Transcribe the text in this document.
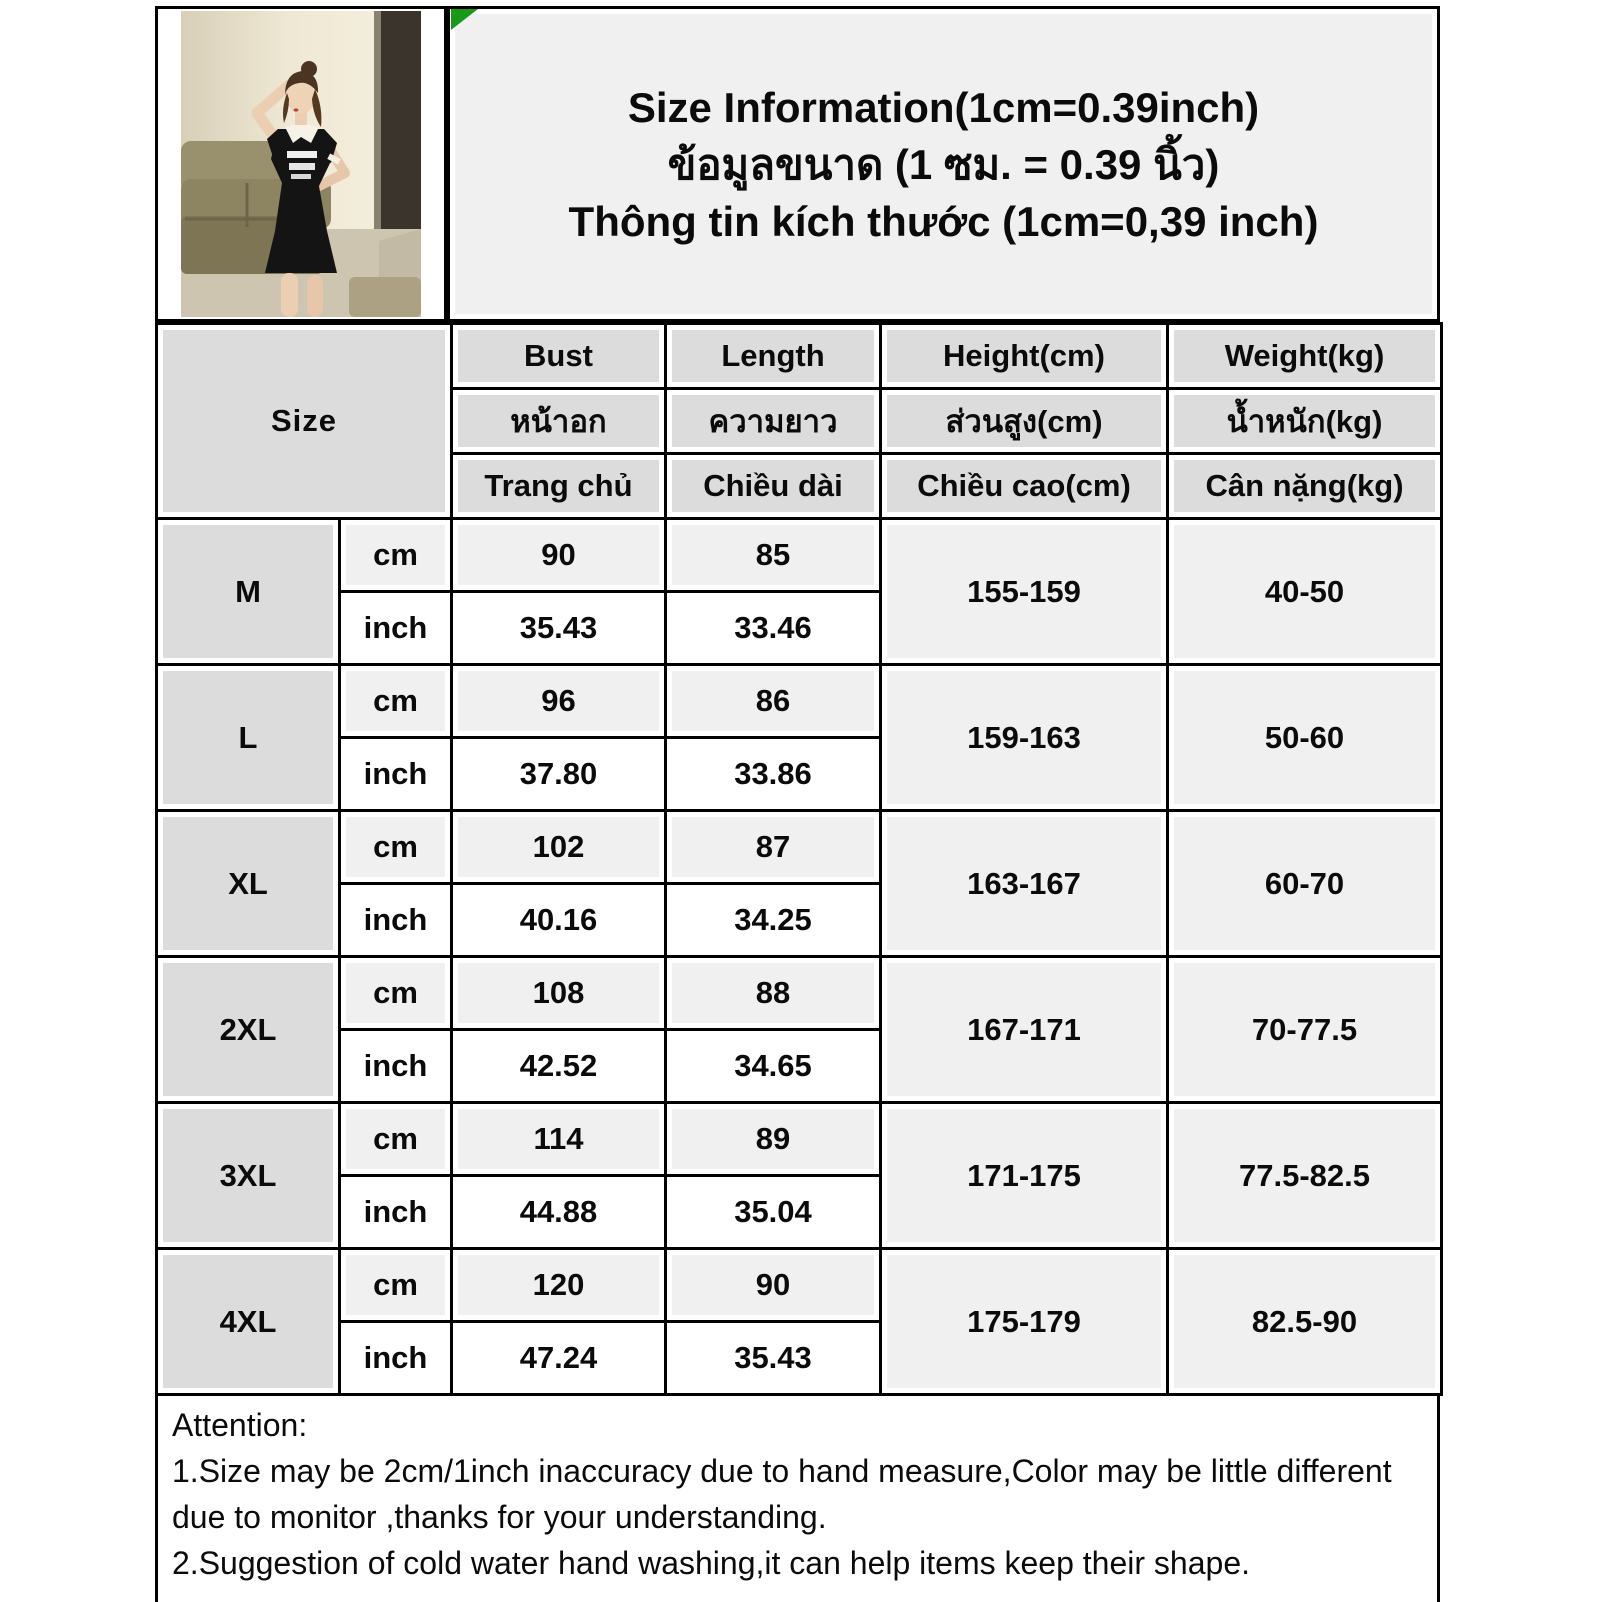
Size Information(1cm=0.39inch)
ข้อมูลขนาด (1 ซม. = 0.39 นิ้ว)
Thông tin kích thước (1cm=0,39 inch)
Size		Bust	Length	Height(cm)	Weight(kg)
		หน้าอก	ความยาว	ส่วนสูง(cm)	น้ำหนัก(kg)
		Trang chủ	Chiều dài	Chiều cao(cm)	Cân nặng(kg)
M	cm	90	85	155-159	40-50
	inch	35.43	33.46		
L	cm	96	86	159-163	50-60
	inch	37.80	33.86		
XL	cm	102	87	163-167	60-70
	inch	40.16	34.25		
2XL	cm	108	88	167-171	70-77.5
	inch	42.52	34.65		
3XL	cm	114	89	171-175	77.5-82.5
	inch	44.88	35.04		
4XL	cm	120	90	175-179	82.5-90
	inch	47.24	35.43		
Attention:
1.Size may be 2cm/1inch inaccuracy due to hand measure,Color may be little different due to monitor ,thanks for your understanding.
2.Suggestion of cold water hand washing,it can help items keep their shape.
